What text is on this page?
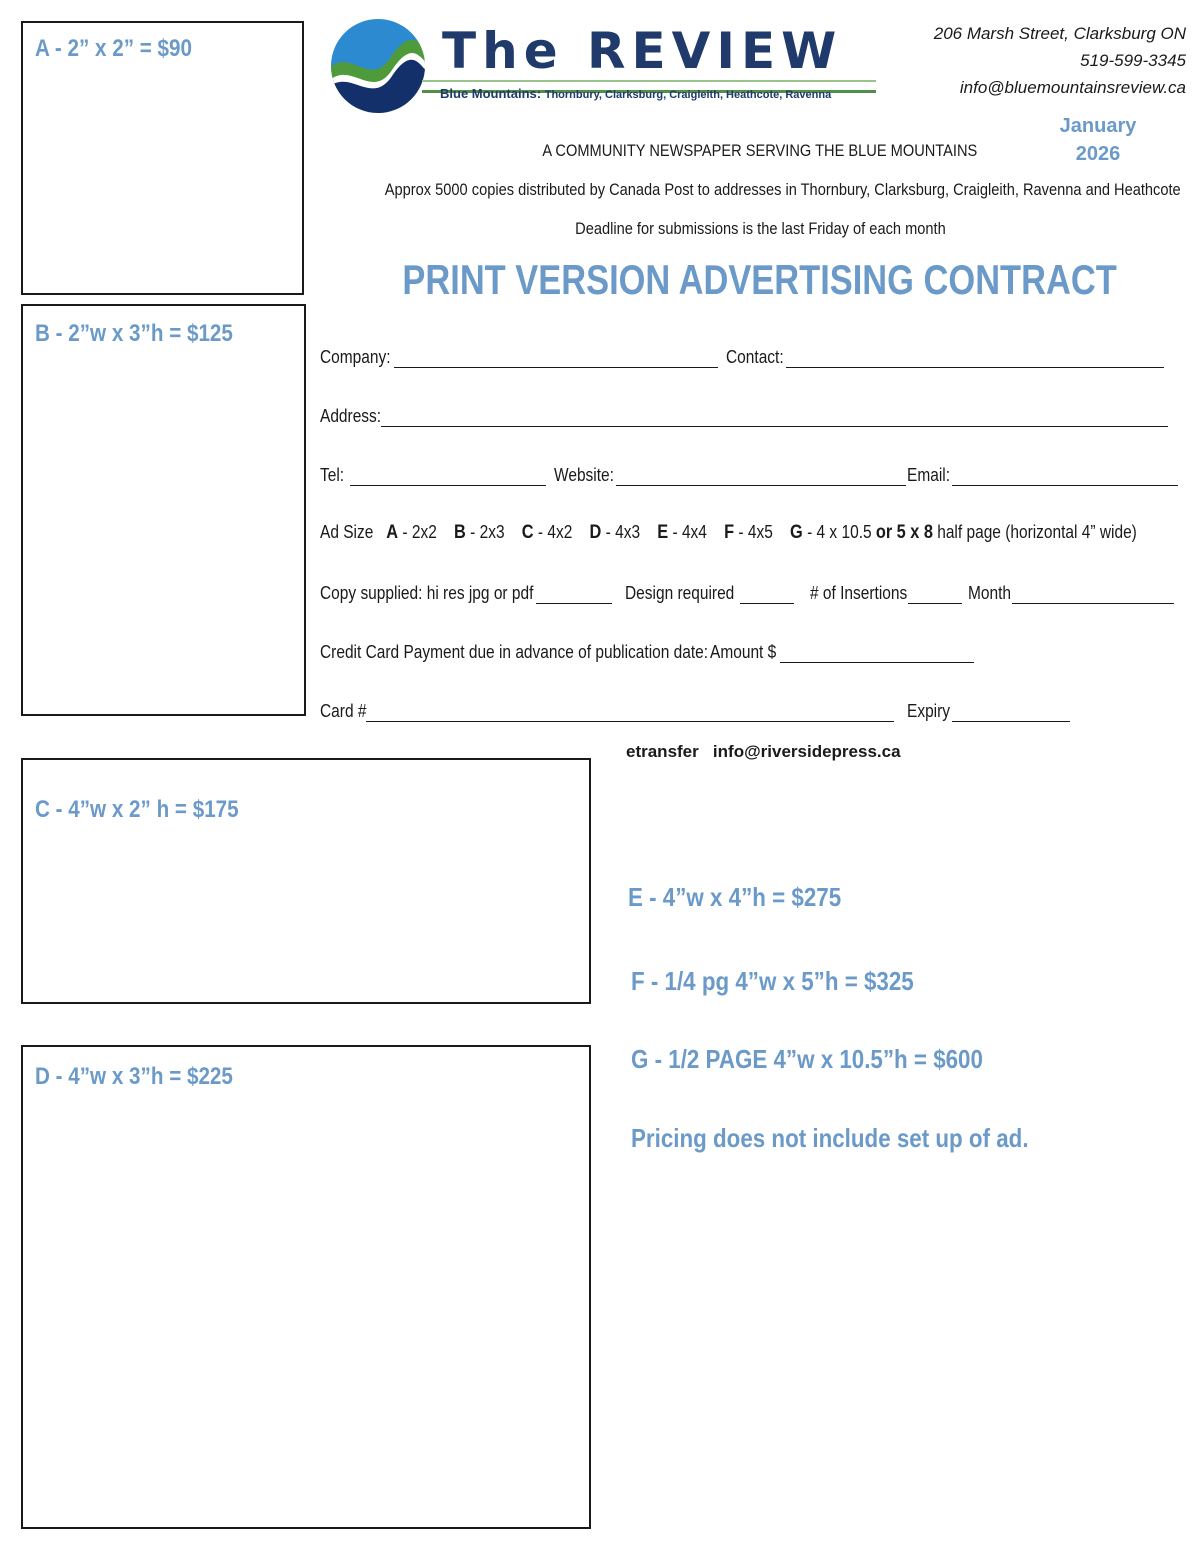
A - 2” x 2” = $90
B - 2”w x 3”h = $125
C - 4”w x 2” h = $175
D - 4”w x 3”h = $225
The REVIEW
Blue Mountains: Thornbury, Clarksburg, Craigleith, Heathcote, Ravenna
206 Marsh Street, Clarksburg ON
519-599-3345
info@bluemountainsreview.ca
January
2026
A COMMUNITY NEWSPAPER SERVING THE BLUE MOUNTAINS
Approx 5000 copies distributed by Canada Post to addresses in Thornbury, Clarksburg, Craigleith, Ravenna and Heathcote
Deadline for submissions is the last Friday of each month
PRINT VERSION ADVERTISING CONTRACT
Company:	Contact:
Address:
Tel:	Website:	Email:
Ad Size A - 2x2 B - 2x3 C - 4x2 D - 4x3 E - 4x4 F - 4x5 G - 4 x 10.5 or 5 x 8 half page (horizontal 4” wide)
Copy supplied: hi res jpg or pdf	Design required	# of Insertions	Month
Credit Card Payment due in advance of publication date: Amount $
Card #	Expiry
etransfer   info@riversidepress.ca
E - 4”w x 4”h = $275
F - 1/4 pg 4”w x 5”h = $325
G - 1/2 PAGE 4”w x 10.5”h = $600
Pricing does not include set up of ad.
